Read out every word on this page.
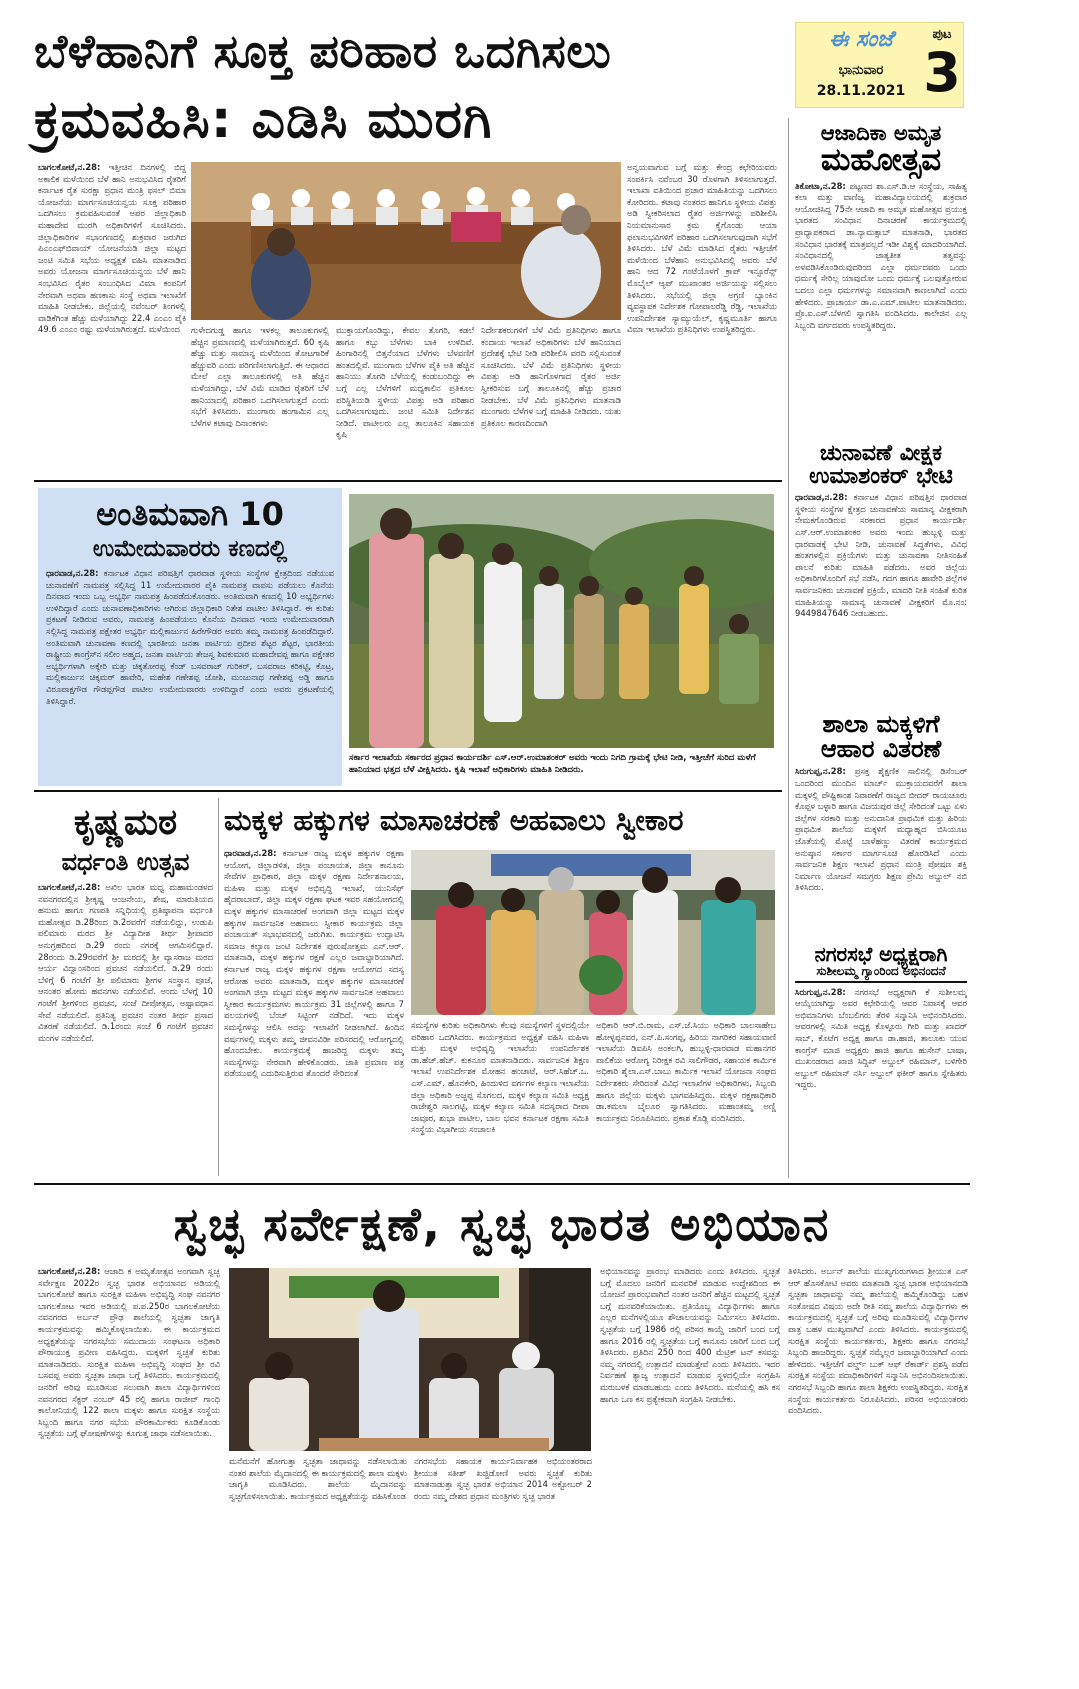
ಬೆಳೆಹಾನಿಗೆ ಸೂಕ್ತ ಪರಿಹಾರ ಒದಗಿಸಲು
ಕ್ರಮವಹಿಸಿ: ಎಡಿಸಿ ಮುರಗಿ
ಈ ಸಂಜೆ
ಭಾನುವಾರ
28.11.2021
ಪುಟ
3
ಬಾಗಲಕೋಟೆ,ನ.28: ಇತ್ತೀಚಿನ ದಿನಗಳಲ್ಲಿ ಬಿದ್ದ ಅಕಾಲಿಕ ಮಳೆಯಿಂದ ಬೆಳೆ ಹಾನಿ ಅನುಭವಿಸಿದ ರೈತರಿಗೆ ಕರ್ನಾಟಕ ರೈತ ಸುರಕ್ಷಾ ಪ್ರಧಾನ ಮಂತ್ರಿ ಫಸಲ್ ಬಿಮಾ ಯೋಜನೆಯ ಮಾರ್ಗಸೂಚಿಯನ್ವಯ ಸೂಕ್ತ ಪರಿಹಾರ ಒದಗಿಸಲು ಕ್ರಮವಹಿಸುವಂತೆ ಅಪರ ಜಿಲ್ಲಾಧಿಕಾರಿ ಮಹಾದೇವ ಮುರಗಿ ಅಧಿಕಾರಿಗಳಿಗೆ ಸೂಚಿಸಿದರು. ಜಿಲ್ಲಾಧಿಕಾರಿಗಳ ಸಭಾಂಗಣದಲ್ಲಿ ಶುಕ್ರವಾರ ಜರುಗಿದ ಪಿಎಂಎಫ್‍ಬಿವಾಯ್ ಯೋಜನೆಯಡಿ ಜಿಲ್ಲಾ ಮಟ್ಟದ ಜಂಟಿ ಸಮಿತಿ ಸಭೆಯ ಅಧ್ಯಕ್ಷತೆ ವಹಿಸಿ ಮಾತನಾಡಿದ ಅವರು ಯೋಜನಾ ಮಾರ್ಗಸೂಚಿಯನ್ವಯ ಬೆಳೆ ಹಾನಿ ಸಂಭವಿಸಿದ ರೈತರ ಸಂಬಂಧಿಸಿದ ವಿಮಾ ಕಂಪನಿಗೆ ನೇರವಾಗಿ ಅಥವಾ ಹಣಕಾಸು ಸಂಸ್ಥೆ ಅಥವಾ ಇಲಾಖೆಗೆ ಮಾಹಿತಿ ನೀಡಬೇಕು. ಜಿಲ್ಲೆಯಲ್ಲಿ ನವೆಂಬರ್ ತಿಂಗಳಲ್ಲಿ ವಾಡಿಕೆಗಿಂತ ಹೆಚ್ಚು ಮಳೆಯಾಗಿದ್ದು 22.4 ಎಂಎಂ ಪೈಕಿ 49.6 ಎಂಎಂ ರಷ್ಟು ಮಳೆಯಾಗಿರುತ್ತದೆ. ಮಳೆಯಿಂದ	ಗುಳೇದಗುಡ್ಡ ಹಾಗೂ ಇಳಕಲ್ಲ ತಾಲೂಕುಗಳಲ್ಲಿ ಹೆಚ್ಚಿನ ಪ್ರಮಾಣದಲ್ಲಿ ಮಳೆಯಾಗಿರುತ್ತದೆ. 60 ಕೃಷಿ ಹೆಚ್ಚು ಮತ್ತು ಸಾಮಾನ್ಯ ಮಳೆಯಿಂದ ತೋಟಗಾರಿಕೆ ಹೆಚ್ಚುವರಿ ಎಂದು ಪರಿಗಣಿಸಲಾಗುತ್ತಿದೆ. ಈ ಆಧಾರದ ಮೇಲೆ ಎಲ್ಲಾ ತಾಲೂಕುಗಳಲ್ಲಿ ಅತಿ ಹೆಚ್ಚಿನ ಮಳೆಯಾಗಿದ್ದು, ಬೆಳೆ ವಿಮೆ ಮಾಡಿದ ರೈತರಿಗೆ ಬೆಳೆ ಹಾನಿಯಾದಲ್ಲಿ ಪರಿಹಾರ ಒದಗಿಸಲಾಗುತ್ತದೆ ಎಂದು ಸಭೆಗೆ ತಿಳಿಸಿದರು. ಮುಂಗಾರು ಹಂಗಾಮಿನ ಎಲ್ಲ ಬೆಳೆಗಳ ಕಟಾವು ದಿನಾಂಕಗಳು
ಮುಕ್ತಾಯಗೊಂಡಿದ್ದು, ಕೇವಲ ತೊಗರಿ, ಕಡಲೆ ಹಾಗೂ ಕಬ್ಬು ಬೆಳೆಗಳು ಬಾಕಿ ಉಳಿದಿವೆ. ಹಿಂಗಾರಿನಲ್ಲಿ ಬಿತ್ತನೆಯಾದ ಬೆಳೆಗಳು ಬೆಳವಣಿಗೆ ಹಂತದಲ್ಲಿವೆ. ಮುಂಗಾರು ಬೆಳೆಗಳ ಪೈಕಿ ಅತಿ ಹೆಚ್ಚಿನ ಹಾನಿಯು ತೊಗರಿ ಬೆಳೆಯಲ್ಲಿ ಕಂಡುಬಂದಿದ್ದು ಈ ಬಗ್ಗೆ ಎಲ್ಲ ಬೆಳೆಗಳಿಗೆ ಮಧ್ಯಕಾಲಿನ ಪ್ರತಿಕೂಲ ಪರಿಸ್ಥಿತಿಯಡಿ ಸ್ಥಳೀಯ ವಿಪತ್ತು ಅಡಿ ಪರಿಹಾರ ಒದಗಿಸಲಾಗುವುದು. ಜಂಟಿ ಸಮಿತಿ ನಿರ್ದೇಶನ ನೀಡಿದೆ. ಪಾಟೀಲರು ಎಲ್ಲ ತಾಲೂಕಿನ ಸಹಾಯಕ ಕೃಷಿ
ನಿರ್ದೇಶಕರುಗಳಿಗೆ ಬೆಳೆ ವಿಮೆ ಪ್ರತಿನಿಧಿಗಳು ಹಾಗೂ ಕಂದಾಯ ಇಲಾಖೆ ಅಧಿಕಾರಿಗಳು ಬೆಳೆ ಹಾನಿಯಾದ ಪ್ರದೇಶಕ್ಕೆ ಭೇಟಿ ನೀಡಿ ಪರಿಶೀಲಿಸಿ ವರದಿ ಸಲ್ಲಿಸುವಂತೆ ಸೂಚಿಸಿದರು. ಬೆಳೆ ವಿಮೆ ಪ್ರತಿನಿಧಿಗಳು ಸ್ಥಳೀಯ ವಿಪತ್ತು ಅಡಿ ಹಾನಿಗೊಳಗಾದ ರೈತರ ಅರ್ಜಿ ಸ್ವೀಕರಿಸುವ ಬಗ್ಗೆ ತಾಲೂಕಿನಲ್ಲಿ ಹೆಚ್ಚು ಪ್ರಚಾರ ನೀಡಬೇಕು. ಬೆಳೆ ವಿಮೆ ಪ್ರತಿನಿಧಿಗಳು ಮಾತನಾಡಿ ಮುಂಗಾರು ಬೆಳೆಗಳ ಬಗ್ಗೆ ಮಾಹಿತಿ ನೀಡಿದರು. ಯತು ಪ್ರತಿಕೂಲ ಕಾರಣದಿಂದಾಗಿ
ಅನ್ವಯವಾಗುವ ಬಗ್ಗೆ ಮತ್ತು ಕೇಂದ್ರ ಕಛೇರಿಯವರು ಸಂಪರ್ಕಿಸಿ ನವೆಂಬರ 30 ರೊಳಗಾಗಿ ತಿಳಿಸಲಾಗುತ್ತದೆ. ಇಲಾಖಾ ವತಿಯಿಂದ ಪ್ರಚಾರ ಮಾಹಿತಿಯನ್ನು ಒದಗಿಸಲು ಕೋರಿದರು. ಕಟಾವು ನಂತರದ ಹಾನಿಗೂ ಸ್ಥಳೀಯ ವಿಪತ್ತು ಅಡಿ ಸ್ವೀಕರಿಸಲಾದ ರೈತರ ಅರ್ಜಿಗಳನ್ನು ಪರಿಶೀಲಿಸಿ ನಿಯಮಾನುಸಾರ ಕ್ರಮ ಕೈಗೊಂಡು ಆಯಾ ಫಲಾನುಭವಿಗಳಿಗೆ ಪರಿಹಾರ ಒದಗಿಸಲಾಗುವುದಾಗಿ ಸಭೆಗೆ ತಿಳಿಸಿದರು. ಬೆಳೆ ವಿಮೆ ಮಾಡಿಸಿದ ರೈತರು ಇತ್ತೀಚೆಗೆ ಮಳೆಯಿಂದ ಬೆಳೆಹಾನಿ ಅನುಭವಿಸಿದಲ್ಲಿ ಅವರು ಬೆಳೆ ಹಾನಿ ಆದ 72 ಗಂಟೆಯೊಳಗೆ ಕ್ರಾಪ್ ಇನ್ಸೂರೆನ್ಸ್ ಮೊಬೈಲ್ ಆ್ಯಪ್ ಮುಖಾಂತರ ಅರ್ಜಿಯನ್ನು ಸಲ್ಲಿಸಲು ತಿಳಿಸಿದರು. ಸಭೆಯಲ್ಲಿ ಜಿಲ್ಲಾ ಅಗ್ರಣಿ ಬ್ಯಾಂಕಿನ ವ್ಯವಸ್ಥಾಪಕ ನಿರ್ದೇಶಕ ಗೋಪಾಲರೆಡ್ಡಿ ರೆಡ್ಡಿ, ಇಲಾಖೆಯ ಉಪನಿರ್ದೇಶಕ ಸ್ಯಾಮ್ಯುಯೆಲ್, ಕೃಷ್ಣಮೂರ್ತಿ ಹಾಗೂ ವಿಮಾ ಇಲಾಖೆಯ ಪ್ರತಿನಿಧಿಗಳು ಉಪಸ್ಥಿತರಿದ್ದರು.
ಆಜಾದಿಕಾ ಅಮೃತ
ಮಹೋತ್ಸವ
ತಿಕೋಟಾ,ನ.28: ಪಟ್ಟಣದ ಶಾ.ಎಸ್.ಡಿ.ಆ ಸಂಸ್ಥೆಯ, ಸಾಹಿತ್ಯ ಕಲಾ ಮತ್ತು ವಾಣಿಜ್ಯ ಮಹಾವಿದ್ಯಾಲಯದಲ್ಲಿ ಶುಕ್ರವಾರ ಆಯೋಜಿಸಿದ್ದ 75ನೇ ಆಜಾದಿ ಕಾ ಅಮೃತ ಮಹೋತ್ಸವ ಪ್ರಯುಕ್ತ ಭಾರತದ ಸಂವಿಧಾನ ದಿನಾಚರಣೆ ಕಾರ್ಯಕ್ರಮದಲ್ಲಿ ಪ್ರಾಧ್ಯಾಪಕರಾದ ಡಾ.ನ್ಯಾಮತ್ಸಾಬ್ ಮಾತನಾಡಿ, ಭಾರತದ ಸಂವಿಧಾನ ಭಾರತಕ್ಕೆ ಮಾತ್ರವಲ್ಲದೆ ಇಡೀ ವಿಶ್ವಕ್ಕೆ ಮಾದರಿಯಾಗಿದೆ. ಸಂವಿಧಾನದಲ್ಲಿ ಜಾತ್ಯತೀತ ತತ್ವವನ್ನು ಅಳವಡಿಸಿಕೊಂಡಿರುವುದರಿಂದ ಎಲ್ಲಾ ಧರ್ಮದವರು ಒಂದು ಧರ್ಮಕ್ಕೆ ಸೇರಿಲ್ಲ ಯಾವುದೋ ಒಂದು ಧರ್ಮಕ್ಕೆ ಒಲವುತ್ತೋರುವ ಬದಲು ಎಲ್ಲಾ ಧರ್ಮಗಳನ್ನು ಸಮಾನವಾಗಿ ಕಾಣಲಾಗಿದೆ ಎಂದು ಹೇಳಿದರು. ಪ್ರಾಚಾರ್ಯ ಡಾ.ಎ.ಎಮ್.ಪಾಟೀಲ ಮಾತನಾಡಿದರು. ಪ್ರೊ.ಐ.ಎಸ್.ಬೆಳಗಲಿ ಸ್ವಾಗತಿಸಿ ವಂದಿಸಿದರು. ಕಾಲೇಜಿನ ಎಲ್ಲ ಸಿಬ್ಬಂದಿ ವರ್ಗದವರು ಉಪಸ್ಥಿತರಿದ್ದರು.
ಚುನಾವಣೆ ವೀಕ್ಷಕ
ಉಮಾಶಂಕರ್ ಭೇಟಿ
ಧಾರವಾಡ,ನ.28: ಕರ್ನಾಟಕ ವಿಧಾನ ಪರಿಷತ್ತಿನ ಧಾರವಾಡ ಸ್ಥಳೀಯ ಸಂಸ್ಥೆಗಳ ಕ್ಷೇತ್ರದ ಚುನಾವಣೆಯ ಸಾಮಾನ್ಯ ವೀಕ್ಷಕರಾಗಿ ನೇಮಕಗೊಂಡಿರುವ ಸರಕಾರದ ಪ್ರಧಾನ ಕಾರ್ಯದರ್ಶಿ ಎಸ್.ಆರ್.ಉಮಾಶಂಕರ ಅವರು ಇಂದು ಹುಬ್ಬಳ್ಳಿ ಮತ್ತು ಧಾರವಾಡಕ್ಕೆ ಭೇಟಿ ನೀಡಿ, ಚುನಾವಣೆ ಸಿದ್ಧತೆಗಳು, ವಿವಿಧ ಹಂತಗಳಲ್ಲಿನ ಪ್ರಕ್ರಿಯೆಗಳು ಮತ್ತು ಚುನಾವಣಾ ನೀತಿಸಂಹಿತೆ ಪಾಲನೆ ಕುರಿತು ಮಾಹಿತಿ ಪಡೆದರು. ಅವರ ಜಿಲ್ಲೆಯ ಅಧಿಕಾರಿಗಳೊಂದಿಗೆ ಸಭೆ ನಡೆಸಿ, ಗದಗ ಹಾಗೂ ಹಾವೇರಿ ಜಿಲ್ಲೆಗಳ ಸಾರ್ವಜನಿಕರು ಚುನಾವಣೆ ಪ್ರಕ್ರಿಯೆ, ಮಾದರಿ ನೀತಿ ಸಂಹಿತೆ ಕುರಿತ ಮಾಹಿತಿಯನ್ನು ಸಾಮಾನ್ಯ ಚುನಾವಣೆ ವೀಕ್ಷಕರಿಗೆ ಮೊ.ನಂ: 9449847646 ನೀಡಬಹುದು.
ಶಾಲಾ ಮಕ್ಕಳಿಗೆ
ಆಹಾರ ವಿತರಣೆ
ಸಿರುಗುಪ್ಪ,ನ.28: ಪ್ರಸಕ್ತ ಶೈಕ್ಷಣಿಕ ಸಾಲಿನಲ್ಲಿ ಡಿಸೆಂಬರ್ ಒಂದರಿಂದ ಮುಂದಿನ ಮಾರ್ಚ್ ಮುಕ್ತಾಯದವರೆಗೆ ಶಾಲಾ ಮಕ್ಕಳಲ್ಲಿ ಪೌಷ್ಟಿಕಾಂಶ ನಿವಾರಣೆಗೆ ರಾಜ್ಯದ ಬೀದರ್ ರಾಯಚೂರು ಕೊಪ್ಪಳ ಬಳ್ಳಾರಿ ಹಾಗೂ ವಿಜಯಪುರ ಜಿಲ್ಲೆ ಸೇರಿದಂತೆ ಒಟ್ಟು ಏಳು ಜಿಲ್ಲೆಗಳ ಸರಕಾರಿ ಮತ್ತು ಅನುದಾನಿತ ಪ್ರಾಥಮಿಕ ಮತ್ತು ಹಿರಿಯ ಪ್ರಾಥಮಿಕ ಶಾಲೆಯ ಮಕ್ಕಳಿಗೆ ಮಧ್ಯಾಹ್ನದ ಬಿಸಿಯೂಟ ಜೊತೆಯಲ್ಲಿ ಮೊಟ್ಟೆ ಬಾಳೆಹಣ್ಣು ವಿತರಣೆ ಕಾರ್ಯಕ್ರಮದ ಅನುಷ್ಠಾನ ಸರ್ಕಾರ ಮಾರ್ಗಸೂಚಿ ಹೊರಡಿಸಿದೆ ಎಂದು ಸಾರ್ವಜನಿಕ ಶಿಕ್ಷಣ ಇಲಾಖೆ ಪ್ರಧಾನ ಮಂತ್ರಿ ಪೋಷಣ ಶಕ್ತಿ ನಿರ್ಮಾಣ ಯೋಜನೆ ಸಮಗ್ರರು ಶಿಕ್ಷಣ ಪ್ರೇಮಿ ಅಬ್ದುಲ್ ನಬಿ ತಿಳಿಸಿದರು.
ನಗರಸಭೆ ಅಧ್ಯಕ್ಷರಾಗಿ
ಸುಶೀಲಮ್ಮ ಗ್ಯಾಂರಿಂದ ಅಭಿನಂದನೆ
ಸಿರುಗುಪ್ಪ,ನ.28: ನಗರಸಭೆ ಅಧ್ಯಕ್ಷರಾಗಿ ಕೆ ಸುಶೀಲಮ್ಮ ಆಯ್ಕೆಯಾಗಿದ್ದು ಅವರ ಕಛೇರಿಯಲ್ಲಿ ಆವರ ನಿವಾಸಕ್ಕೆ ಆವರ ಅಭಿಮಾನಿಗಳು ಬೆಂಬಲಿಗರು ತೆರಳಿ ಸನ್ಮಾನಿಸಿ ಅಭಿನಂದಿಸಿದರು. ಆವರಗಳಲ್ಲಿ ಸಮಿತಿ ಅಧ್ಯಕ್ಷ ಕೊಳ್ಳೂರು ಗೀರಿ ಮತ್ತು ಖಾದರ್ ಸಾಬ್, ಕೊಟೆಗ ಅಧ್ಯಕ್ಷ ಹಾಗೂ ಡಾ.ಹಾಜಿ, ತಾಲೂಕು ಯುವ ಕಾಂಗ್ರೆಸ್ ಮಾಜಿ ಅಧ್ಯಕ್ಷರು ಹಾಜಿ ಹಾಗೂ ಹುಸೇನ್ ಬಾಷಾ, ಮುಖಂಡರಾದ ಖಾಜಿ ಸಿದ್ದಿಖ್ ಅಬ್ದುಲ್ ರಹಿಮಾನ್, ಬಳಿಗೇರಿ ಅಬ್ದುಲ್ ರಹಿಮಾನ್ ನರ್ಸಿ ಅಬ್ದುಲ್ ಫಕೀರ್ ಹಾಗೂ ಸ್ನೇಹಿತರು ಇದ್ದರು.
ಅಂತಿಮವಾಗಿ 10
ಉಮೇದುವಾರರು ಕಣದಲ್ಲಿ
ಧಾರವಾಡ,ನ.28: ಕರ್ನಾಟಕ ವಿಧಾನ ಪರಿಷತ್ತಿಗೆ ಧಾರವಾಡ ಸ್ಥಳೀಯ ಸಂಸ್ಥೆಗಳ ಕ್ಷೇತ್ರದಿಂದ ನಡೆಯುವ ಚುನಾವಣೆಗೆ ನಾಮಪತ್ರ ಸಲ್ಲಿಸಿದ್ದ 11 ಉಮೇದುವಾರರ ಪೈಕಿ ನಾಮಪತ್ರ ವಾಪಸು ಪಡೆಯಲು ಕೊನೆಯ ದಿನವಾದ ಇಂದು ಒಬ್ಬ ಅಭ್ಯರ್ಥಿ ನಾಮಪತ್ರ ಹಿಂಪಡೆದುಕೊಂಡರು. ಅಂತಿಮವಾಗಿ ಕಣದಲ್ಲಿ 10 ಅಭ್ಯರ್ಥಿಗಳು ಉಳಿದಿದ್ದಾರೆ ಎಂದು ಚುನಾವಣಾಧಿಕಾರಿಗಳು ಆಗಿರುವ ಜಿಲ್ಲಾಧಿಕಾರಿ ನಿತೇಶ ಪಾಟೀಲ ತಿಳಿಸಿದ್ದಾರೆ. ಈ ಕುರಿತು ಪ್ರಕಟಣೆ ನೀಡಿರುವ ಅವರು, ನಾಮಪತ್ರ ಹಿಂಪಡೆಯಲು ಕೊನೆಯ ದಿನವಾದ ಇಂದು ಉಮೇದುವಾರರಾಗಿ ಸಲ್ಲಿಸಿದ್ದ ನಾಮಪತ್ರ ಪಕ್ಷೇತರ ಅಭ್ಯರ್ಥಿ ಮಲ್ಲಿಕಾರ್ಜುನ ಹಿರೇಗೌಡರ ಅವರು ತಮ್ಮ ನಾಮಪತ್ರ ಹಿಂಪಡೆದಿದ್ದಾರೆ. ಅಂತಿಮವಾಗಿ ಚುನಾವಣಾ ಕಣದಲ್ಲಿ ಭಾರತೀಯ ಜನತಾ ಪಾರ್ಟಿಯ ಪ್ರದೀಪ ಶೆಟ್ಟರ ಶೆಟ್ಟರ, ಭಾರತೀಯ ರಾಷ್ಟ್ರೀಯ ಕಾಂಗ್ರೆಸ್‍ನ ಸಲೀಂ ಅಹ್ಮದ, ಜನತಾ ಪಾರ್ಟಿಯ ತೇಜಸ್ವ ಶಿವಕುಮಾರ ಮಹಾದೇವಪ್ಪ ಹಾಗೂ ಪಕ್ಷೇತರ ಅಭ್ಯರ್ಥಿಗಳಾಗಿ ಅಕ್ಕೇರಿ ಮತ್ತು ಚಿಕ್ಕತೋರಪ್ಪ ಕೆಂಡ್ ಬಸವರಾಜ್ ಗುರಿಕರ್, ಬಸವರಾಜ ಕರಿಕಟ್ಟಿ, ಕೊಟ್ರ, ಮಲ್ಲಿಕಾರ್ಜುನ ಚಿಕ್ಕಮಠ್ ಹಾವೇರಿ, ಮಹೇಶ ಗಣೇಶಪ್ಪ ಜೋಶಿ, ಮಂಜುನಾಥ ಗಣೇಶಪ್ಪ ಅಡ್ಡಿ ಹಾಗೂ ವಿರೂಪಾಕ್ಷಗೌಡ ಗೌಡಪ್ಪಗೌಡ ಪಾಟೀಲ ಉಮೇದುವಾರರು ಉಳಿದಿದ್ದಾರೆ ಎಂದು ಅವರು ಪ್ರಕಟಣೆಯಲ್ಲಿ ತಿಳಿಸಿದ್ದಾರೆ.
ಸರ್ಕಾರ ಇಲಾಖೆಯ ಸರ್ಕಾರದ ಪ್ರಧಾನ ಕಾರ್ಯದರ್ಶಿ ಎಸ್.ಆರ್.ಉಮಾಶಂಕರ್ ಅವರು ಇಂದು ನಿಗದಿ ಗ್ರಾಮಕ್ಕೆ ಭೇಟಿ ನೀಡಿ, ಇತ್ತೀಚೆಗೆ ಸುರಿದ ಮಳೆಗೆ ಹಾನಿಯಾದ ಭತ್ತದ ಬೆಳೆ ವೀಕ್ಷಿಸಿದರು. ಕೃಷಿ ಇಲಾಖೆ ಅಧಿಕಾರಿಗಳು ಮಾಹಿತಿ ನೀಡಿದರು.
ಕೃಷ್ಣಮಠ
ವರ್ಧಂತಿ ಉತ್ಸವ
ಬಾಗಲಕೋಟೆ,ನ.28: ಅಖಿಲ ಭಾರತ ಮಧ್ವ ಮಹಾಮಂಡಳದ ನವನಗರದಲ್ಲಿನ ಶ್ರೀಕೃಷ್ಣ ಆಂಜನೇಯ, ಶೇಷ, ಮಾರುತಿಯದ ಹನುಮ ಹಾಗೂ ಗಣಪತಿ ಸನ್ನಿಧಿಯಲ್ಲಿ ಪ್ರತಿಷ್ಠಾಪನಾ ವರ್ಧಂತಿ ಮಹೋತ್ಸವ ಡಿ.28ರಿಂದ ಡಿ.2ರವರೆಗೆ ನಡೆಯಲಿದ್ದು, ಉಡುಪಿ ಪಲಿಮಾರು ಮಠದ ಶ್ರೀ ವಿದ್ಯಾದೀಶ ತೀರ್ಥ ಶ್ರೀಪಾದರ ಅನುಗ್ರಹದಿಂದ ಡಿ.29 ರಂದು ನಗರಕ್ಕೆ ಆಗಮಿಸಲಿದ್ದಾರೆ. 28ರಂದು ಡಿ.29ರವರೆಗೆ ಶ್ರೀ ಮಠದಲ್ಲಿ ಶ್ರೀ ವ್ಯಾಸರಾಜ ಮಠದ ಆರ್ಯ ವಿದ್ವಾಂಸರಿಂದ ಪ್ರವಚನ ನಡೆಯಲಿದೆ. ಡಿ.29 ರಂದು ಬೆಳಿಗ್ಗೆ 6 ಗಂಟೆಗೆ ಶ್ರೀ ಪಲಿಮಾರು ಶ್ರೀಗಳ ಸಂಸ್ಥಾನ ಪೂಜೆ, ಆನಂತರ ಹೋಮ ಹವನಗಳು ನಡೆಯಲಿವೆ. ಅಂದು ಬೆಳಗ್ಗೆ 10 ಗಂಟೆಗೆ ಶ್ರೀಗಳಿಂದ ಪ್ರವಚನ, ಸಂಜೆ ದೀಪೋತ್ಸವ, ಅಷ್ಟಾವಧಾನ ಸೇವೆ ನಡೆಯಲಿದೆ. ಪ್ರತಿನಿತ್ಯ ಪ್ರವಚನ ನಂತರ ತೀರ್ಥ ಪ್ರಸಾದ ವಿತರಣೆ ನಡೆಯಲಿದೆ. ಡಿ.1ರಂದು ಸಂಜೆ 6 ಗಂಟೆಗೆ ಪ್ರವಚನ ಮಂಗಳ ನಡೆಯಲಿದೆ.
ಮಕ್ಕಳ ಹಕ್ಕುಗಳ ಮಾಸಾಚರಣೆ ಅಹವಾಲು ಸ್ವೀಕಾರ
ಧಾರವಾಡ,ನ.28: ಕರ್ನಾಟಕ ರಾಜ್ಯ ಮಕ್ಕಳ ಹಕ್ಕುಗಳ ರಕ್ಷಣಾ ಆಯೋಗ, ಜಿಲ್ಲಾಡಳಿತ, ಜಿಲ್ಲಾ ಪಂಚಾಯತ, ಜಿಲ್ಲಾ ಕಾನೂನು ಸೇವೆಗಳ ಪ್ರಾಧಿಕಾರ, ಜಿಲ್ಲಾ ಮಕ್ಕಳ ರಕ್ಷಣಾ ನಿರ್ದೇಶನಾಲಯ, ಮಹಿಳಾ ಮತ್ತು ಮಕ್ಕಳ ಅಭಿವೃದ್ಧಿ ಇಲಾಖೆ, ಯುನಿಸೆಫ್ ಹೈದರಾಬಾದ್, ಜಿಲ್ಲಾ ಮಕ್ಕಳ ರಕ್ಷಣಾ ಘಟಕ ಇವರ ಸಹಯೋಗದಲ್ಲಿ ಮಕ್ಕಳ ಹಕ್ಕುಗಳ ಮಾಸಾಚರಣೆ ಅಂಗವಾಗಿ ಜಿಲ್ಲಾ ಮಟ್ಟದ ಮಕ್ಕಳ ಹಕ್ಕುಗಳ ಸಾರ್ವಜನಿಕ ಅಹವಾಲು ಸ್ವೀಕಾರ ಕಾರ್ಯಕ್ರಮ ಜಿಲ್ಲಾ ಪಂಚಾಯತ್ ಸಭಾಭವನದಲ್ಲಿ ಜರುಗಿತು. ಕಾರ್ಯಕ್ರಮ ಉದ್ಘಾಟಿಸಿ ಸಮಾಜ ಕಲ್ಯಾಣ ಜಂಟಿ ನಿರ್ದೇಶಕ ಪುರುಷೋತ್ತಮ ಎನ್.ಆರ್. ಮಾತನಾಡಿ, ಮಕ್ಕಳ ಹಕ್ಕುಗಳ ರಕ್ಷಣೆ ಎಲ್ಲರ ಜವಾಬ್ದಾರಿಯಾಗಿದೆ. ಕರ್ನಾಟಕ ರಾಜ್ಯ ಮಕ್ಕಳ ಹಕ್ಕುಗಳ ರಕ್ಷಣಾ ಆಯೋಗದ ಸದಸ್ಯ ಆರೋಹ ಅವರು ಮಾತನಾಡಿ, ಮಕ್ಕಳ ಹಕ್ಕುಗಳ ಮಾಸಾಚರಣೆ ಅಂಗವಾಗಿ ಜಿಲ್ಲಾ ಮಟ್ಟದ ಮಕ್ಕಳ ಹಕ್ಕುಗಳ ಸಾರ್ವಜನಿಕ ಅಹವಾಲು ಸ್ವೀಕಾರ ಕಾರ್ಯಕ್ರಮಗಳು ಕಾರ್ಯಕ್ರಮ 31 ಜಿಲ್ಲೆಗಳಲ್ಲಿ ಹಾಗೂ 7 ವಲಯಗಳಲ್ಲಿ ಬೆಂಚ್ ಸಿಟ್ಟಿಂಗ್ ನಡೆದಿದೆ. ಇದು ಮಕ್ಕಳ ಸಮಸ್ಯೆಗಳನ್ನು ಆಲಿಸಿ ಅದನ್ನು ಇಲಾಖೆಗೆ ನೀಡಲಾಗಿದೆ. ಹಿಂದಿನ ವರ್ಷಗಳಲ್ಲಿ ಮಕ್ಕಳು ತಮ್ಮ ಜೀವನವಿಡೀ ಪರಿಸರದಲ್ಲಿ ಆರೋಗ್ಯದಲ್ಲಿ ಹೊಂದಬೇಕು. ಕಾರ್ಯಕ್ರಮಕ್ಕೆ ಹಾಜರಿದ್ದ ಮಕ್ಕಳು ತಮ್ಮ ಸಮಸ್ಯೆಗಳನ್ನು ನೇರವಾಗಿ ಹೇಳಿಕೊಂಡರು. ಜಾತಿ ಪ್ರಮಾಣ ಪತ್ರ ಪಡೆಯುವಲ್ಲಿ ಎದುರಿಸುತ್ತಿರುವ ತೊಂದರೆ ಸೇರಿದಂತೆ
ಸಮಸ್ಯೆಗಳ ಕುರಿತು ಅಧಿಕಾರಿಗಳು ಕೆಲವು ಸಮಸ್ಯೆಗಳಿಗೆ ಸ್ಥಳದಲ್ಲಿಯೇ ಪರಿಹಾರ ಒದಗಿಸಿದರು. ಕಾರ್ಯಕ್ರಮದ ಅಧ್ಯಕ್ಷತೆ ವಹಿಸಿ ಮಹಿಳಾ ಮತ್ತು ಮಕ್ಕಳ ಅಭಿವೃದ್ಧಿ ಇಲಾಖೆಯ ಉಪನಿರ್ದೇಶಕ ಡಾ.ಹೆಚ್.ಹೆಚ್. ಕುಕನೂರ ಮಾತನಾಡಿದರು. ಸಾರ್ವಜನಿಕ ಶಿಕ್ಷಣ ಇಲಾಖೆ ಉಪನಿರ್ದೇಶಕ ಮೋಹನ ಹಂಚಾಟೆ, ಆರ್.ಸಿಹೆಚ್.ಒ. ಎಸ್.ಎಮ್. ಹೊನಕೇರಿ, ಹಿಂದುಳಿದ ವರ್ಗಗಳ ಕಲ್ಯಾಣ ಇಲಾಖೆಯ ಜಿಲ್ಲಾ ಅಧಿಕಾರಿ ಅಜ್ಜಪ್ಪ ಸೊಗಲದ, ಮಕ್ಕಳ ಕಲ್ಯಾಣ ಸಮಿತಿ ಅಧ್ಯಕ್ಷ ರಾಜೇಶ್ವರಿ ಸಾಲಗಟ್ಟಿ, ಮಕ್ಕಳ ಕಲ್ಯಾಣ ಸಮಿತಿ ಸದಸ್ಯರಾದ ದೀಪಾ ಜಾವೂರ, ಶುಭಾ ಪಾಟೀಲ, ಬಾಲ ಭವನ ಕರ್ನಾಟಕ ರಕ್ಷಣಾ ಸಮಿತಿ ಸಂಸ್ಥೆಯ ವಿಭಾಗೀಯ ಸಂಚಾಲಕಿ
ಅಧಿಕಾರಿ ಆರ್.ಬಿ.ರಾಮ, ಎಸ್.ಜೆ.ಸಿಯು ಅಧಿಕಾರಿ ಬಾಲಸಾಹೇಬ ಹೋಳ್ಳಪ್ಪನವರ, ಎನ್.ಪಿ.ಸಂಗಪ್ಪ, ಹಿರಿಯ ನಾಗರಿಕರ ಸಹಾಯವಾಣಿ ಇಲಾಖೆಯ ಡಿಐಪಿಸಿ ಅಂಕಲಗಿ, ಹುಬ್ಬಳ್ಳಿ-ಧಾರವಾಡ ಮಹಾನಗರ ಪಾಲಿಕೆಯ ಆರೋಗ್ಯ ನಿರೀಕ್ಷಕ ರವಿ ಸಾಲಿಗೌಡರ, ಸಹಾಯಕ ಕಾರ್ಮಿಕ ಅಧಿಕಾರಿ ಶೈಲಾ.ಎಸ್.ಬಾಬು ಕಾರ್ಮಿಕ ಇಲಾಖೆ ಯೋಜನಾ ಸಂಘದ ನಿರ್ದೇಶಕರು ಸೇರಿದಂತೆ ವಿವಿಧ ಇಲಾಖೆಗಳ ಅಧಿಕಾರಿಗಳು, ಸಿಬ್ಬಂದಿ ಹಾಗೂ ಜಿಲ್ಲೆಯ ಮಕ್ಕಳು ಭಾಗವಹಿಸಿದ್ದರು. ಮಕ್ಕಳ ರಕ್ಷಣಾಧಿಕಾರಿ ಡಾ.ಕಮಲಾ ಬೈಲೂರ ಸ್ವಾಗತಿಸಿದರು. ಮಹಾಂತಮ್ಮ ಅಣ್ಣಿ ಕಾರ್ಯಕ್ರಮ ನಿರೂಪಿಸಿದರು. ಪ್ರಕಾಶ ಕೊಡ್ಲಿ ವಂದಿಸಿದರು.
ಸ್ವಚ್ಛ ಸರ್ವೇಕ್ಷಣೆ, ಸ್ವಚ್ಛ ಭಾರತ ಅಭಿಯಾನ
ಬಾಗಲಕೋಟೆ,ನ.28: ಆಜಾದಿ ಕ ಅಮೃತೋತ್ಸವ ಅಂಗವಾಗಿ ಸ್ವಚ್ಛ ಸರ್ವೇಕ್ಷಣ 2022ರ ಸ್ವಚ್ಛ ಭಾರತ ಅಭಿಯಾನದ ಅಡಿಯಲ್ಲಿ ಬಾಗಲಕೋಟೆ ಹಾಗೂ ಸುರಕ್ಷಿತ ಮಹಿಳಾ ಅಭಿವೃದ್ಧಿ ಸಂಘ ನವನಗರ ಬಾಗಲಕೋಟ ಇವರ ಅಡಿಯಲ್ಲಿ ಪ.ಪ.250ರ ಬಾಗಲಕೋಟೆಯ ನವನಗರದ ಅರ್ಬನ್ ಪ್ರೌಢ ಶಾಲೆಯಲ್ಲಿ ಸ್ವಚ್ಛತಾ ಜಾಗೃತಿ ಕಾರ್ಯಕ್ರಮವನ್ನು ಹಮ್ಮಿಕೊಳ್ಳಲಾಯಿತು. ಈ ಕಾರ್ಯಕ್ರಮದ ಅಧ್ಯಕ್ಷತೆಯನ್ನು ನಗರಸಭೆಯ ಸಮುದಾಯ ಸಂಘಟನಾ ಅಧಿಕಾರಿ ಪೌರಾಯುಕ್ತ ಪ್ರವೀಣ ವಹಿಸಿದ್ದರು. ಮಕ್ಕಳಿಗೆ ಸ್ವಚ್ಛತೆ ಕುರಿತು ಮಾತನಾಡಿದರು. ಸುರಕ್ಷಿತ ಮಹಿಳಾ ಅಭಿವೃದ್ಧಿ ಸಂಘದ ಶ್ರೀ ರವಿ ಬಸವಪ್ಪ ಅವರು ಸ್ವಚ್ಛತಾ ಜಾಥಾ ಬಗ್ಗೆ ತಿಳಿಸಿದರು. ಕಾರ್ಯಕ್ರಮದಲ್ಲಿ ಜನರಿಗೆ ಅರಿವು ಮೂಡಿಸುವ ಸಲುವಾಗಿ ಶಾಲಾ ವಿದ್ಯಾರ್ಥಿಗಳಿಂದ ನವನಗರದ ಸೆಕ್ಟರ್ ನಂಬರ್ 45 ರಲ್ಲಿ ಹಾಗೂ ರಾಜೀವ್ ಗಾಂಧಿ ಕಾಲೋನಿಯಲ್ಲಿ 122 ಶಾಲಾ ಮಕ್ಕಳು ಹಾಗೂ ಸುರಕ್ಷಿತ ಸಂಸ್ಥೆಯ ಸಿಬ್ಬಂದಿ ಹಾಗೂ ನಗರ ಸಭೆಯ ಪೌರಕಾರ್ಮಿಕರು ಕೂಡಿಕೊಂಡು ಸ್ವಚ್ಛತೆಯ ಬಗ್ಗೆ ಘೋಷಣೆಗಳನ್ನು ಕೂಗುತ್ತ ಜಾಥಾ ನಡೆಸಲಾಯಿತು.
ಮನೆಮನೆಗೆ ಹೋಗುತ್ತಾ ಸ್ವಚ್ಛತಾ ಜಾಥಾವನ್ನು ನಡೆಸಲಾಯಿತು ನಂತರ ಶಾಲೆಯ ಮೈದಾನದಲ್ಲಿ ಈ ಕಾರ್ಯಕ್ರಮದಲ್ಲಿ ಶಾಲಾ ಮಕ್ಕಳು ಜಾಗೃತಿ ಮೂಡಿಸಿದರು. ಶಾಲೆಯ ಮೈದಾನವನ್ನು ಸ್ವಚ್ಛಗೊಳಿಸಲಾಯಿತು. ಕಾರ್ಯಕ್ರಮದ ಅಧ್ಯಕ್ಷತೆಯನ್ನು ವಹಿಸಿಕೊಂಡ
ನಗರಸಭೆಯ ಸಹಾಯಕ ಕಾರ್ಯನಿರ್ವಾಹಕ ಅಭಿಯಂತರರಾದ ಶ್ರೀಯುತ ಸತೀಶ್ ಖಜ್ಜಿಡೋಣಿ ಅವರು ಸ್ವಚ್ಛತೆ ಕುರಿತು ಮಾತನಾಡುತ್ತಾ ಸ್ವಚ್ಛ ಭಾರತ ಅಭಿಯಾನ 2014 ಅಕ್ಟೋಬರ್ 2 ರಂದು ನಮ್ಮ ದೇಶದ ಪ್ರಧಾನ ಮಂತ್ರಿಗಳು ಸ್ವಚ್ಛ ಭಾರತ
ಅಭಿಯಾನವನ್ನು ಪ್ರಾರಂಭ ಮಾಡಿದರು ಎಂದು ತಿಳಿಸಿದರು. ಸ್ವಚ್ಛತೆ ಬಗ್ಗೆ ಮೊದಲು ಜನರಿಗೆ ಮನವರಿಕೆ ಮಾಡುವ ಉದ್ದೇಶದಿಂದ ಈ ಯೋಜನೆ ಪ್ರಾರಂಭವಾಗಿದೆ ನಂತರ ಜನರಿಗೆ ಹೆಚ್ಚಿನ ಮಟ್ಟದಲ್ಲಿ ಸ್ವಚ್ಛತೆ ಬಗ್ಗೆ ಮನವರಿಕೆಯಾಯಿತು. ಪ್ರತಿಯೊಬ್ಬ ವಿದ್ಯಾರ್ಥಿಗಳು ಹಾಗೂ ಎಲ್ಲರ ಮನೆಗಳಲ್ಲಿಯೂ ಶೌಚಾಲಯವನ್ನು ನಿರ್ಮಿಸಲು ತಿಳಿಸಿದರು. ಸ್ವಚ್ಛತೆಯ ಬಗ್ಗೆ 1986 ರಲ್ಲಿ ಪರಿಸರ ಕಾಯ್ದೆ ಜಾರಿಗೆ ಬಂದ ಬಗ್ಗೆ ಹಾಗೂ 2016 ರಲ್ಲಿ ಸ್ವಚ್ಛತೆಯ ಬಗ್ಗೆ ಕಾನೂನು ಜಾರಿಗೆ ಬಂದ ಬಗ್ಗೆ ತಿಳಿಸಿದರು. ಪ್ರತಿದಿನ 250 ರಿಂದ 400 ಮೆಟ್ರಿಕ್ ಟನ್ ಕಸವನ್ನು ನಮ್ಮ ನಗರದಲ್ಲಿ ಉತ್ಪಾದನೆ ಮಾಡುತ್ತೇವೆ ಎಂದು ತಿಳಿಸಿದರು. ಇದರ ನಿರ್ವಹಣೆ ತ್ಯಾಜ್ಯ ಉತ್ಪಾದನೆ ಮಾಡುವ ಸ್ಥಳದಲ್ಲಿಯೇ ಸಂಗ್ರಹಿಸಿ ಮರುಬಳಕೆ ಮಾಡಬಹುದು ಎಂದು ತಿಳಿಸಿದರು. ಮನೆಯಲ್ಲಿ ಹಸಿ ಕಸ ಹಾಗೂ ಒಣ ಕಸ ಪ್ರತ್ಯೇಕವಾಗಿ ಸಂಗ್ರಹಿಸಿ ನೀಡಬೇಕು.
ತಿಳಿಸಿದರು. ಅರ್ಬನ್ ಶಾಲೆಯ ಮುಖ್ಯಗುರುಗಳಾದ ಶ್ರೀಯುತ ಎಸ್ ಆರ್ ಹೊಸಕೋಟಿ ಅವರು ಮಾತನಾಡಿ ಸ್ವಚ್ಛ ಭಾರತ ಅಭಿಯಾನದಡಿ ಸ್ವಚ್ಛತಾ ಜಾಥಾವನ್ನು ನಮ್ಮ ಶಾಲೆಯಲ್ಲಿ ಹಮ್ಮಿಕೊಂಡಿದ್ದು ಬಹಳ ಸಂತೋಷದ ವಿಷಯ ಅದೇ ರೀತಿ ನಮ್ಮ ಶಾಲೆಯ ವಿದ್ಯಾರ್ಥಿಗಳು ಈ ಕಾರ್ಯಕ್ರಮದಲ್ಲಿ ಸ್ವಚ್ಛತೆ ಬಗ್ಗೆ ಅರಿವು ಮೂಡಿಸುವಲ್ಲಿ ವಿದ್ಯಾರ್ಥಿಗಳ ಪಾತ್ರ ಬಹಳ ಮುಖ್ಯವಾಗಿದೆ ಎಂದು ತಿಳಿಸಿದರು. ಕಾರ್ಯಕ್ರಮದಲ್ಲಿ ಸುರಕ್ಷಿತ ಸಂಸ್ಥೆಯ ಕಾರ್ಯಕರ್ತರು, ಶಿಕ್ಷಕರು ಹಾಗೂ ನಗರಸಭೆ ಸಿಬ್ಬಂದಿ ಹಾಜರಿದ್ದರು. ಸ್ವಚ್ಛತೆ ನಮ್ಮೆಲ್ಲರ ಜವಾಬ್ದಾರಿಯಾಗಿದೆ ಎಂದು ಹೇಳಿದರು. ಇತ್ತೀಚೆಗೆ ವರ್ಲ್ಡ್ ಬುಕ್ ಆಫ್ ರೆಕಾರ್ಡ್ ಪ್ರಶಸ್ತಿ ಪಡೆದ ಸುರಕ್ಷಿತ ಸಂಸ್ಥೆಯ ಪದಾಧಿಕಾರಿಗಳಿಗೆ ಸನ್ಮಾನಿಸಿ ಅಭಿನಂದಿಸಲಾಯಿತು. ನಗರಸಭೆ ಸಿಬ್ಬಂದಿ ಹಾಗೂ ಶಾಲಾ ಶಿಕ್ಷಕರು ಉಪಸ್ಥಿತರಿದ್ದರು. ಸುರಕ್ಷಿತ ಸಂಸ್ಥೆಯ ಕಾರ್ಯಕರ್ತರು ನಿರೂಪಿಸಿದರು. ಪರಿಸರ ಅಭಿಯಂತರರು ವಂದಿಸಿದರು.
